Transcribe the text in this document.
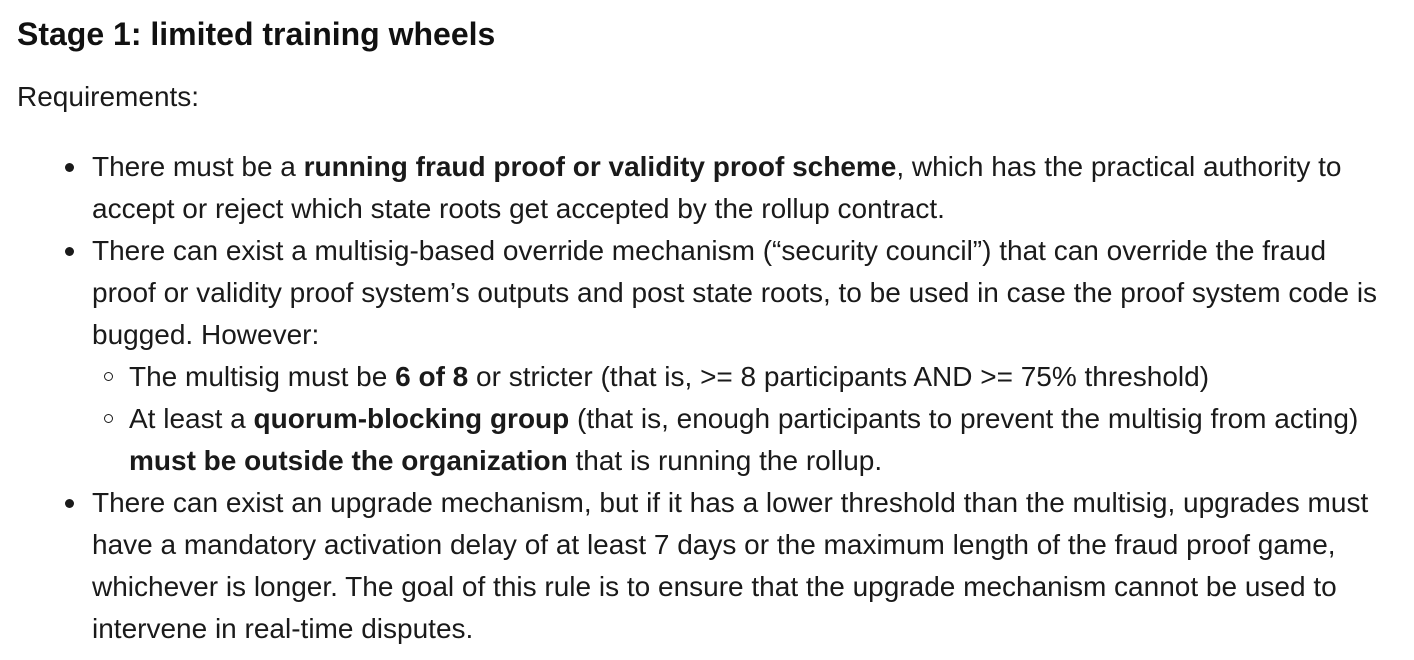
Stage 1: limited training wheels

Requirements:

There must be a running fraud proof or validity proof scheme, which has the practical authority to accept or reject which state roots get accepted by the rollup contract.
There can exist a multisig-based override mechanism (“security council”) that can override the fraud proof or validity proof system’s outputs and post state roots, to be used in case the proof system code is bugged. However:
The multisig must be 6 of 8 or stricter (that is, >= 8 participants AND >= 75% threshold)
At least a quorum-blocking group (that is, enough participants to prevent the multisig from acting) must be outside the organization that is running the rollup.
There can exist an upgrade mechanism, but if it has a lower threshold than the multisig, upgrades must have a mandatory activation delay of at least 7 days or the maximum length of the fraud proof game, whichever is longer. The goal of this rule is to ensure that the upgrade mechanism cannot be used to intervene in real-time disputes.
